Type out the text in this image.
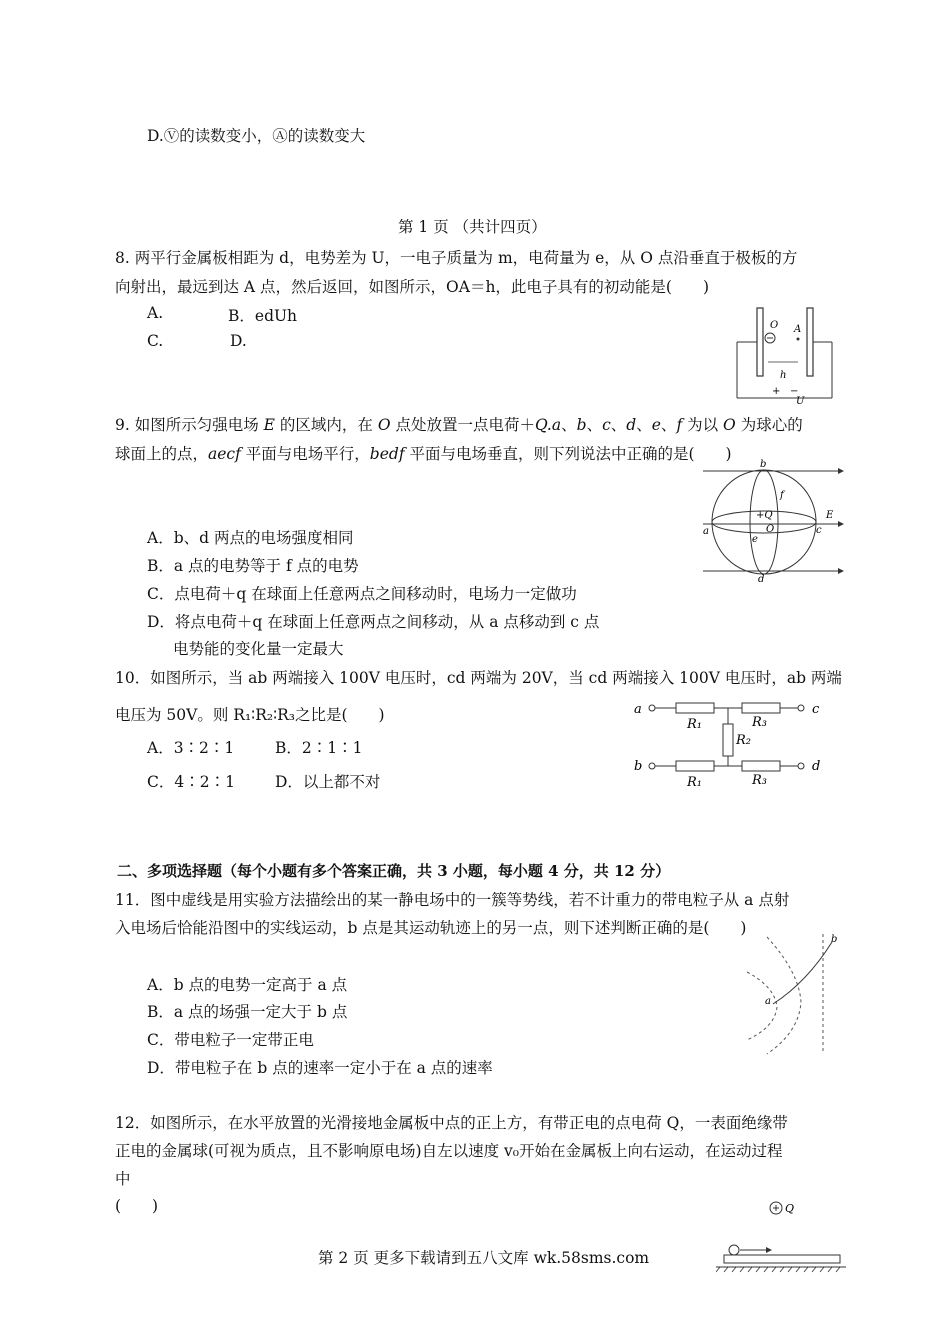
D.Ⓥ的读数变小，Ⓐ的读数变大
第 1 页 （共计四页）
8. 两平行金属板相距为 d，电势差为 U，一电子质量为 m，电荷量为 e，从 O 点沿垂直于极板的方
向射出，最远到达 A 点，然后返回，如图所示，OA＝h，此电子具有的初动能是(　　)
A.	B．edUh
C.	D.
O A
h
+ −
U
9. 如图所示匀强电场 E 的区域内，在 O 点处放置一点电荷＋Q.a、b、c、d、e、f 为以 O 为球心的
球面上的点，aecf 平面与电场平行，bedf 平面与电场垂直，则下列说法中正确的是(　　)
A．b、d 两点的电场强度相同
B．a 点的电势等于 f 点的电势
C．点电荷＋q 在球面上任意两点之间移动时，电场力一定做功
D．将点电荷＋q 在球面上任意两点之间移动，从 a 点移动到 c 点
电势能的变化量一定最大
b
f
+Q
O
E
a
e
c
d
10．如图所示，当 ab 两端接入 100V 电压时，cd 两端为 20V，当 cd 两端接入 100V 电压时，ab 两端
电压为 50V。则 R₁∶R₂∶R₃之比是(　　)
A．3∶2∶1	B．2∶1∶1
C．4∶2∶1	D．以上都不对
a	c
R₁	R₃
R₂
b	d
R₁	R₃
二、多项选择题（每个小题有多个答案正确，共 3 小题，每小题 4 分，共 12 分）
11．图中虚线是用实验方法描绘出的某一静电场中的一簇等势线，若不计重力的带电粒子从 a 点射
入电场后恰能沿图中的实线运动，b 点是其运动轨迹上的另一点，则下述判断正确的是(　　)
A．b 点的电势一定高于 a 点
B．a 点的场强一定大于 b 点
C．带电粒子一定带正电
D．带电粒子在 b 点的速率一定小于在 a 点的速率
a
b
12．如图所示，在水平放置的光滑接地金属板中点的正上方，有带正电的点电荷 Q，一表面绝缘带
正电的金属球(可视为质点，且不影响原电场)自左以速度 v₀开始在金属板上向右运动，在运动过程
中
(　　)	Q
第 2 页 更多下载请到五八文库 wk.58sms.com
